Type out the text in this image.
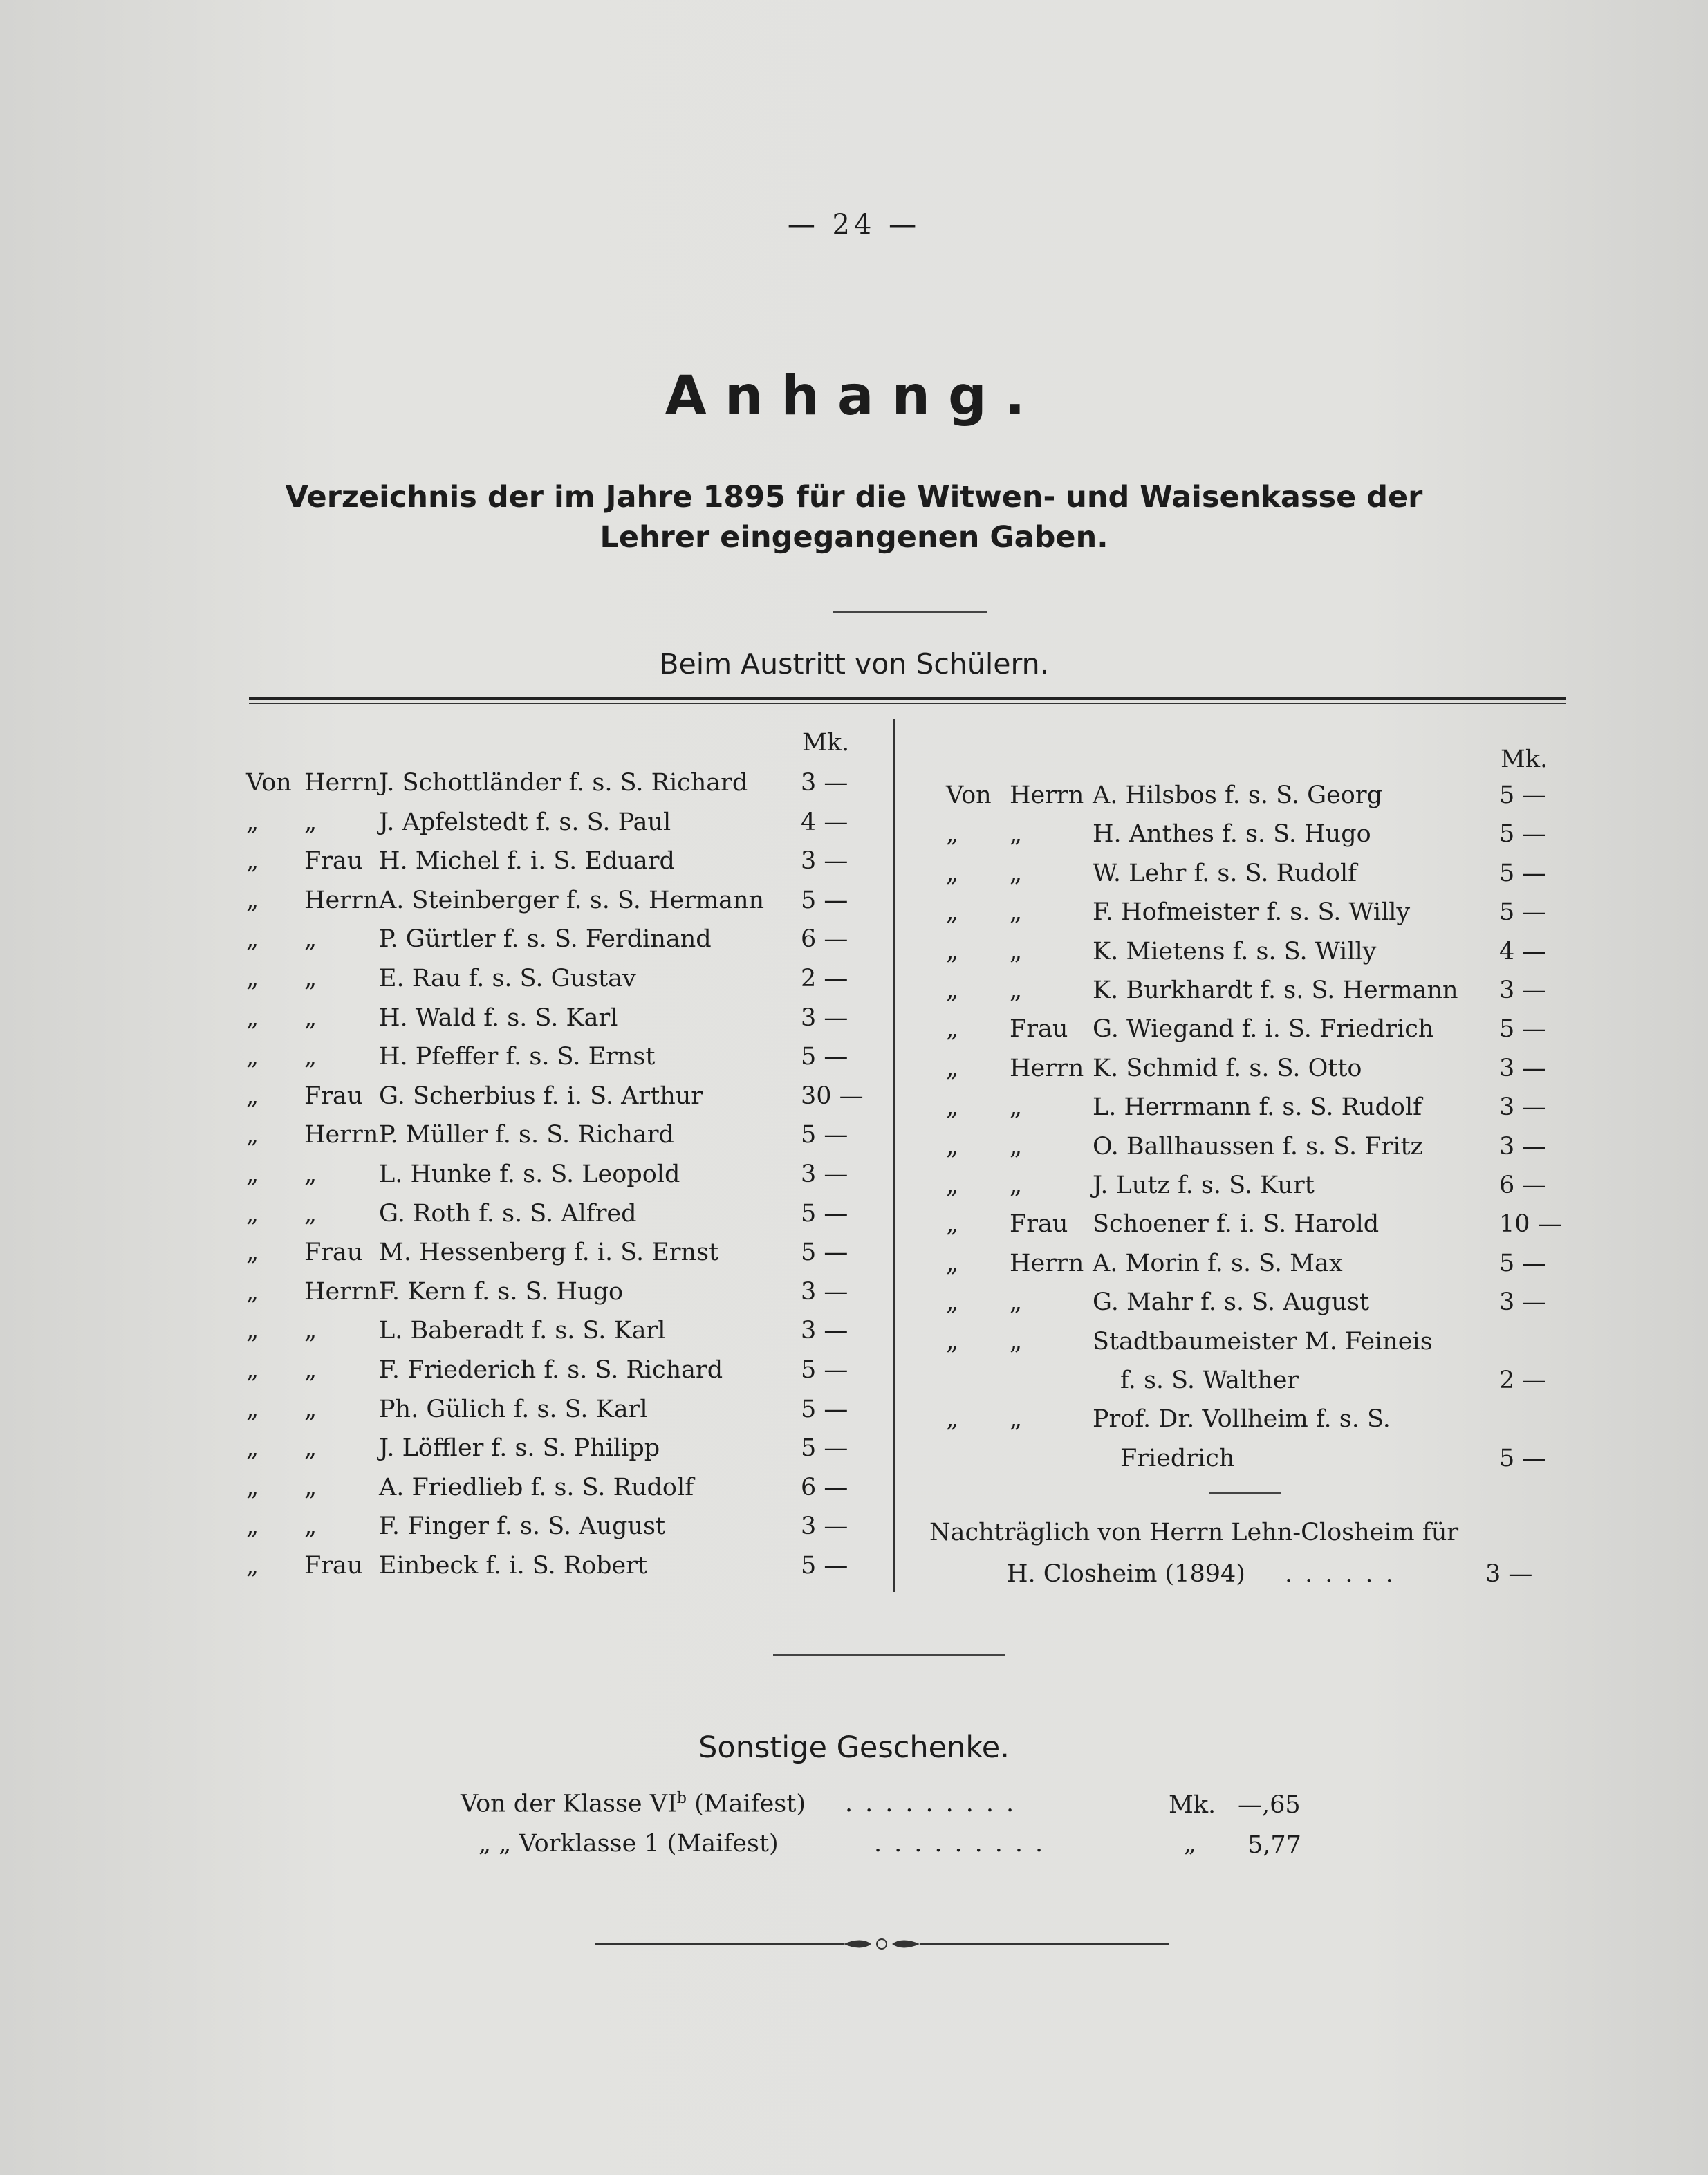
— 24 —
Anhang.
Verzeichnis der im Jahre 1895 für die Witwen- und Waisenkasse der Lehrer eingegangenen Gaben.
Beim Austritt von Schülern.
Mk.
Mk.
Von Herrn J. Schottländer f. s. S. Richard 3 —
„ „	J. Apfelstedt f. s. S. Paul	4 —
„ Frau H. Michel f. i. S. Eduard	3 —
„ Herrn A. Steinberger f. s. S. Hermann 5 —
„ „	P. Gürtler f. s. S. Ferdinand	6 —
„ „	E. Rau f. s. S. Gustav	2 —
„ „	H. Wald f. s. S. Karl	3 —
„ „	H. Pfeffer f. s. S. Ernst	5 —
„ Frau G. Scherbius f. i. S. Arthur	30 —
„ Herrn P. Müller f. s. S. Richard	5 —
„ „	L. Hunke f. s. S. Leopold	3 —
„ „	G. Roth f. s. S. Alfred	5 —
„ Frau M. Hessenberg f. i. S. Ernst	5 —
„ Herrn F. Kern f. s. S. Hugo	3 —
„ „	L. Baberadt f. s. S. Karl	3 —
„ „	F. Friederich f. s. S. Richard	5 —
„ „	Ph. Gülich f. s. S. Karl	5 —
„ „	J. Löffler f. s. S. Philipp	5 —
„ „	A. Friedlieb f. s. S. Rudolf	6 —
„ „	F. Finger f. s. S. August	3 —
„ Frau Einbeck f. i. S. Robert	5 —
Von Herrn A. Hilsbos f. s. S. Georg	5 —
„ „	H. Anthes f. s. S. Hugo	5 —
„ „	W. Lehr f. s. S. Rudolf	5 —
„ „	F. Hofmeister f. s. S. Willy	5 —
„ „	K. Mietens f. s. S. Willy	4 —
„ „	K. Burkhardt f. s. S. Hermann 3 —
„ Frau G. Wiegand f. i. S. Friedrich	5 —
„ Herrn K. Schmid f. s. S. Otto	3 —
„ „	L. Herrmann f. s. S. Rudolf	3 —
„ „	O. Ballhaussen f. s. S. Fritz	3 —
„ „	J. Lutz f. s. S. Kurt	6 —
„ Frau Schoener f. i. S. Harold	10 —
„ Herrn A. Morin f. s. S. Max	5 —
„ „	G. Mahr f. s. S. August	3 —
„ „	Stadtbaumeister M. Feineis
f. s. S. Walther	2 —
„ „	Prof. Dr. Vollheim f. s. S.
Friedrich	5 —
Nachträglich von Herrn Lehn-Closheim für
H. Closheim (1894) ......	3 —
Sonstige Geschenke.
Von der Klasse $VI^b$ (Maifest) .........	Mk. —,65
„ „ Vorklasse 1 (Maifest)	.........	„ 5,77
